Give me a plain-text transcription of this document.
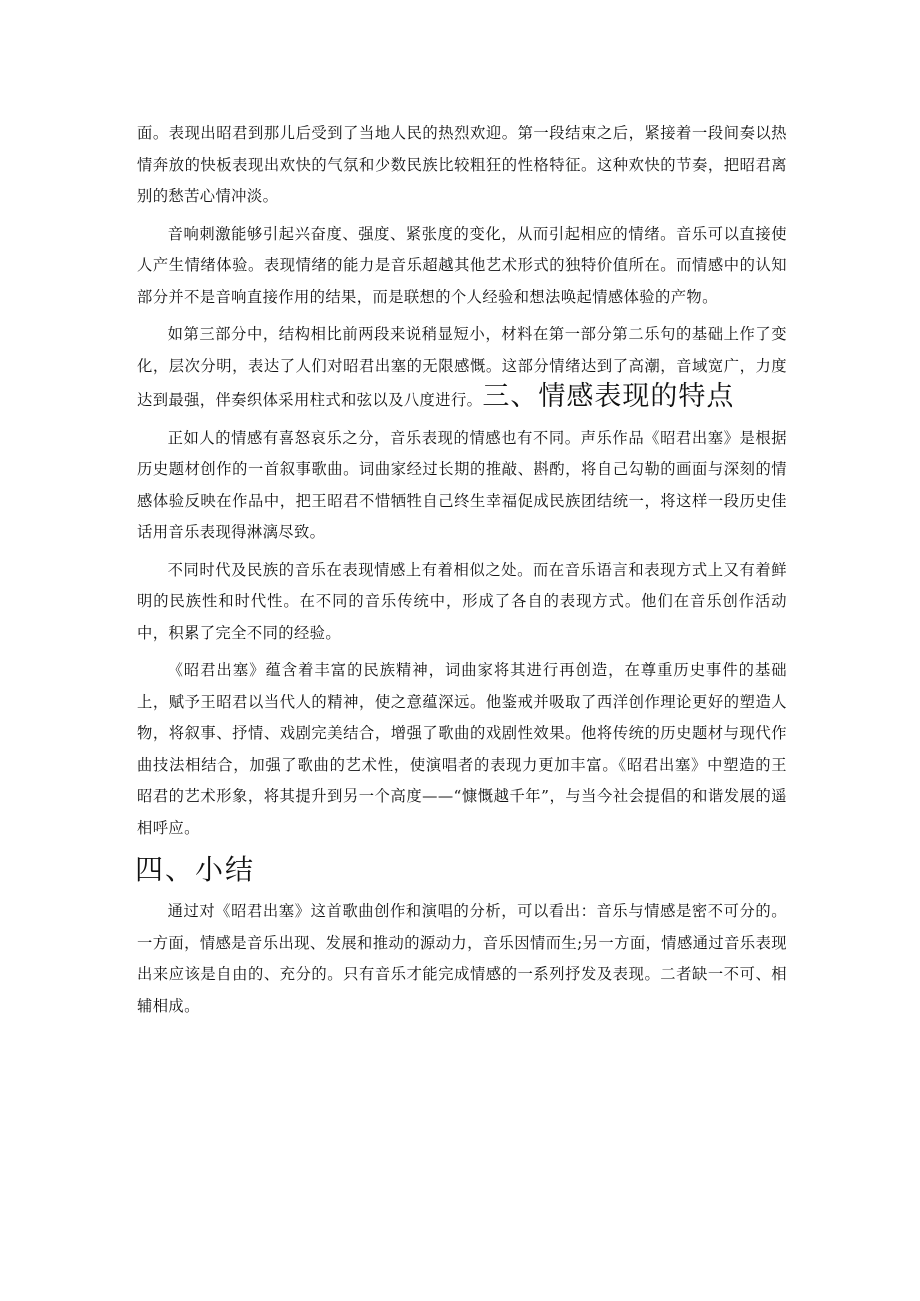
面。表现出昭君到那儿后受到了当地人民的热烈欢迎。第一段结束之后，紧接着一段间奏以热情奔放的快板表现出欢快的气氛和少数民族比较粗狂的性格特征。这种欢快的节奏，把昭君离别的愁苦心情冲淡。

音响刺激能够引起兴奋度、强度、紧张度的变化，从而引起相应的情绪。音乐可以直接使人产生情绪体验。表现情绪的能力是音乐超越其他艺术形式的独特价值所在。而情感中的认知部分并不是音响直接作用的结果，而是联想的个人经验和想法唤起情感体验的产物。

如第三部分中，结构相比前两段来说稍显短小，材料在第一部分第二乐句的基础上作了变化，层次分明，表达了人们对昭君出塞的无限感慨。这部分情绪达到了高潮，音域宽广，力度达到最强，伴奏织体采用柱式和弦以及八度进行。三、情感表现的特点

正如人的情感有喜怒哀乐之分，音乐表现的情感也有不同。声乐作品《昭君出塞》是根据历史题材创作的一首叙事歌曲。词曲家经过长期的推敲、斟酌，将自己勾勒的画面与深刻的情感体验反映在作品中，把王昭君不惜牺牲自己终生幸福促成民族团结统一，将这样一段历史佳话用音乐表现得淋漓尽致。

不同时代及民族的音乐在表现情感上有着相似之处。而在音乐语言和表现方式上又有着鲜明的民族性和时代性。在不同的音乐传统中，形成了各自的表现方式。他们在音乐创作活动中，积累了完全不同的经验。

《昭君出塞》蕴含着丰富的民族精神，词曲家将其进行再创造，在尊重历史事件的基础上，赋予王昭君以当代人的精神，使之意蕴深远。他鉴戒并吸取了西洋创作理论更好的塑造人物，将叙事、抒情、戏剧完美结合，增强了歌曲的戏剧性效果。他将传统的历史题材与现代作曲技法相结合，加强了歌曲的艺术性，使演唱者的表现力更加丰富。《昭君出塞》中塑造的王昭君的艺术形象，将其提升到另一个高度——“慷慨越千年”，与当今社会提倡的和谐发展的遥相呼应。

四、小结

通过对《昭君出塞》这首歌曲创作和演唱的分析，可以看出：音乐与情感是密不可分的。一方面，情感是音乐出现、发展和推动的源动力，音乐因情而生;另一方面，情感通过音乐表现出来应该是自由的、充分的。只有音乐才能完成情感的一系列抒发及表现。二者缺一不可、相辅相成。
